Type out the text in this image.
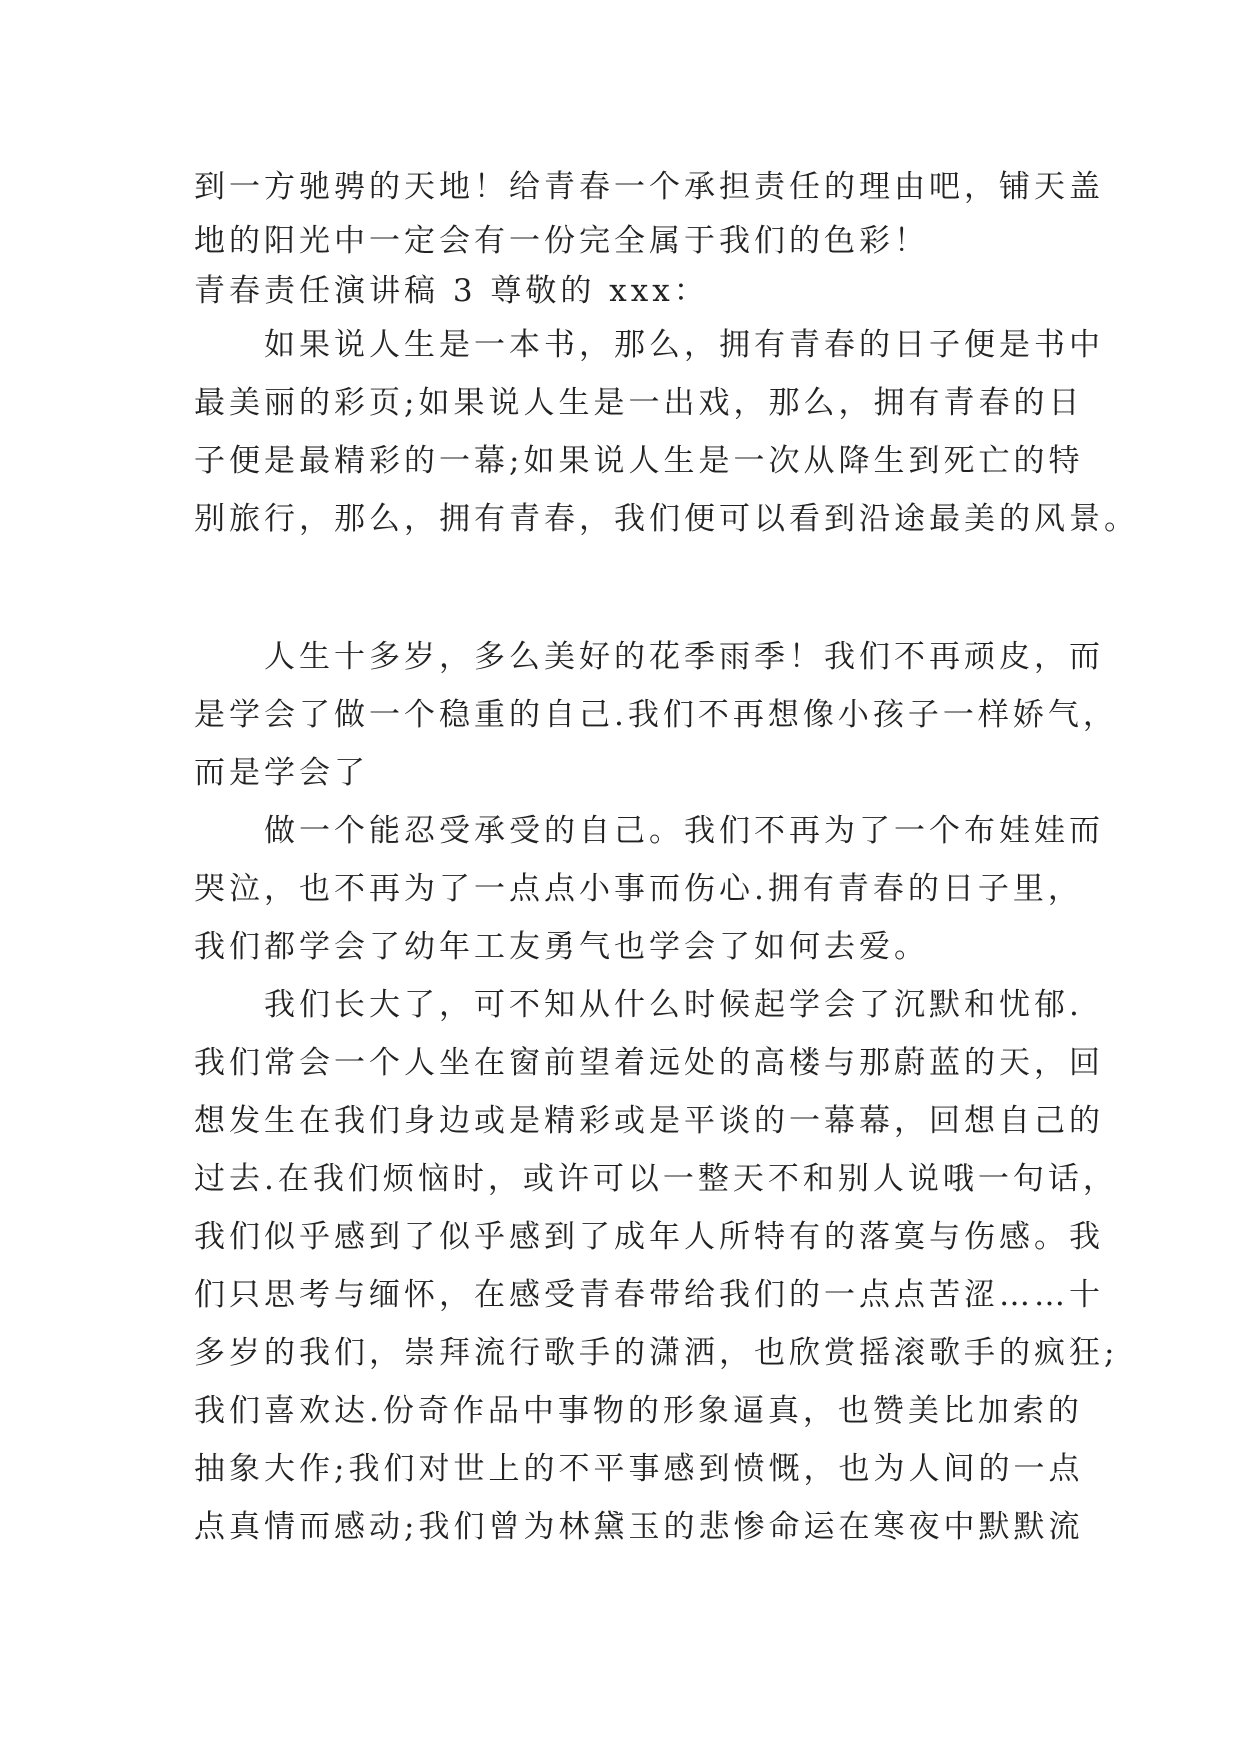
到一方驰骋的天地！给青春一个承担责任的理由吧，铺天盖
地的阳光中一定会有一份完全属于我们的色彩！
青春责任演讲稿 3 尊敬的 xxx：
　　如果说人生是一本书，那么，拥有青春的日子便是书中
最美丽的彩页;如果说人生是一出戏，那么，拥有青春的日
子便是最精彩的一幕;如果说人生是一次从降生到死亡的特
别旅行，那么，拥有青春，我们便可以看到沿途最美的风景。
　　人生十多岁，多么美好的花季雨季！我们不再顽皮，而
是学会了做一个稳重的自己.我们不再想像小孩子一样娇气，
而是学会了
　　做一个能忍受承受的自己。我们不再为了一个布娃娃而
哭泣，也不再为了一点点小事而伤心.拥有青春的日子里，
我们都学会了幼年工友勇气也学会了如何去爱。
　　我们长大了，可不知从什么时候起学会了沉默和忧郁.
我们常会一个人坐在窗前望着远处的高楼与那蔚蓝的天，回
想发生在我们身边或是精彩或是平谈的一幕幕，回想自己的
过去.在我们烦恼时，或许可以一整天不和别人说哦一句话，
我们似乎感到了似乎感到了成年人所特有的落寞与伤感。我
们只思考与缅怀，在感受青春带给我们的一点点苦涩……十
多岁的我们，崇拜流行歌手的潇洒，也欣赏摇滚歌手的疯狂;
我们喜欢达.份奇作品中事物的形象逼真，也赞美比加索的
抽象大作;我们对世上的不平事感到愤慨，也为人间的一点
点真情而感动;我们曾为林黛玉的悲惨命运在寒夜中默默流
